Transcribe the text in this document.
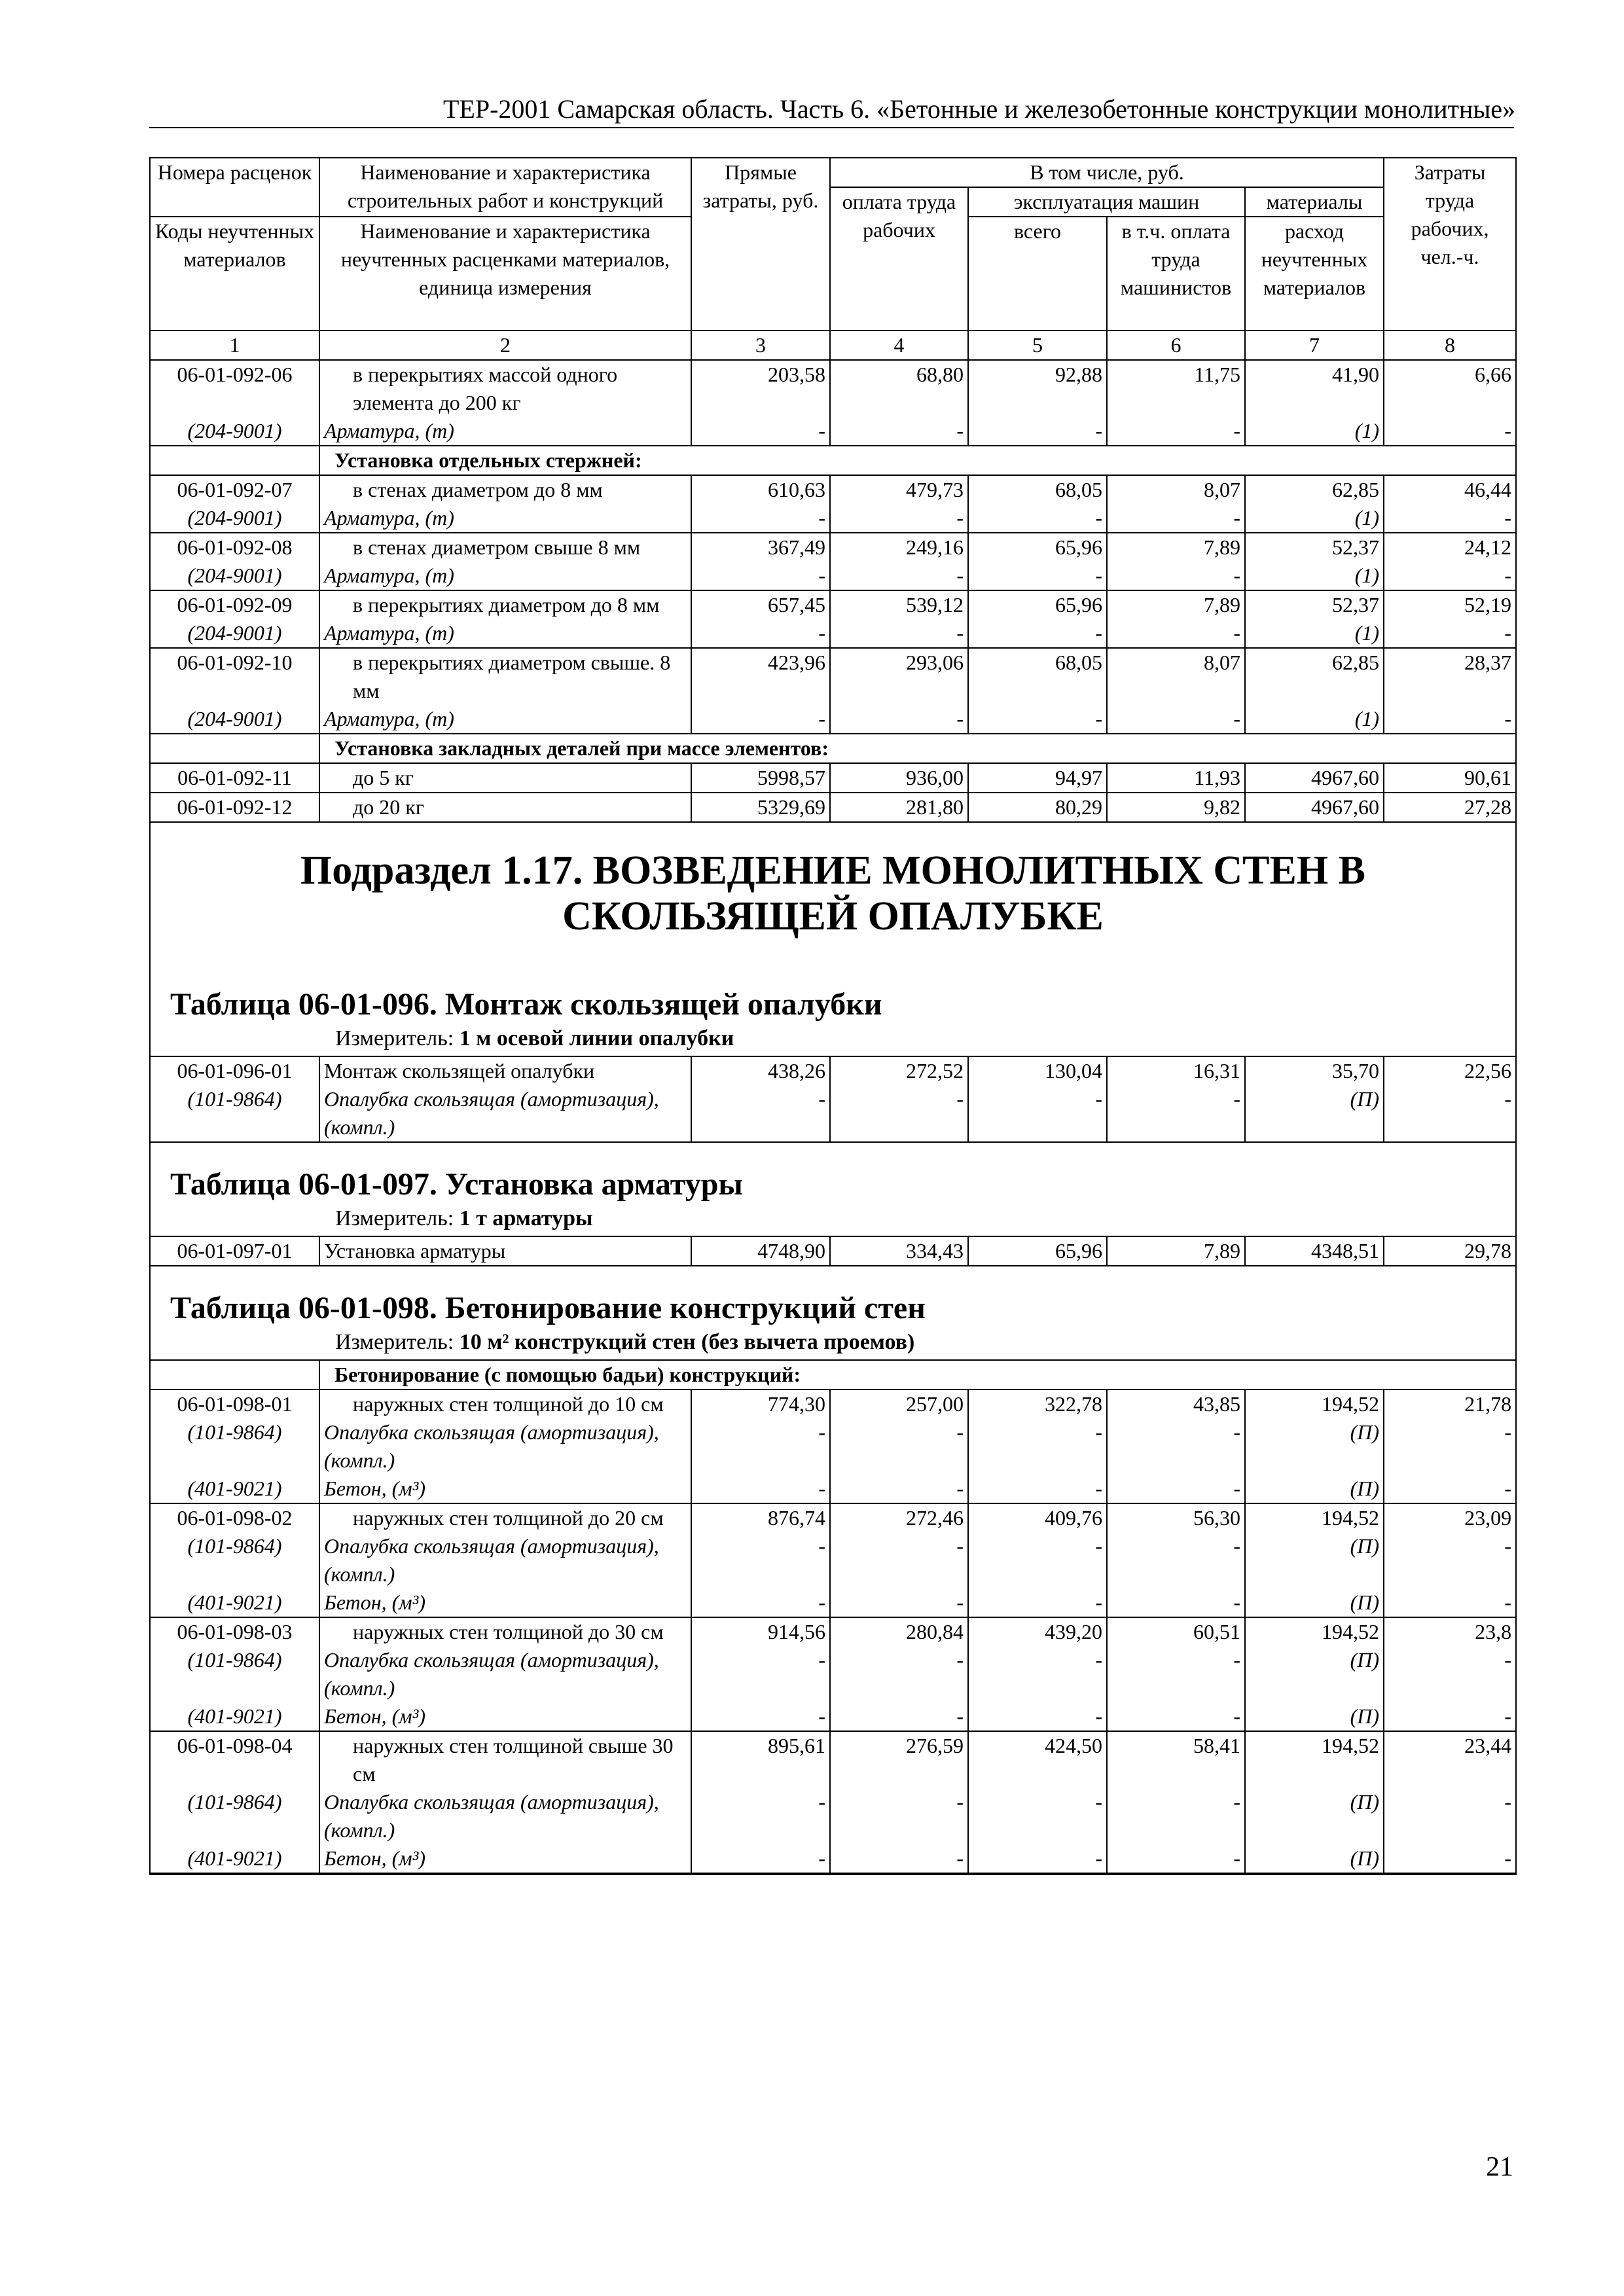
ТЕР-2001 Самарская область. Часть 6. «Бетонные и железобетонные конструкции монолитные»
Номера расценок	Наименование и характеристика строительных работ и конструкций	Прямые затраты, руб.	В том числе, руб.				Затраты труда рабочих, чел.-ч.
			оплата труда рабочих	эксплуатация машин		материалы	
Коды неучтенных материалов	Наименование и характеристика неучтенных расценками материалов, единица измерения			всего	в т.ч. оплата труда машинистов	расход неучтенных материалов	

1	2	3	4	5	6	7	8
06-01-092-06	в перекрытиях массой одного элемента до 200 кг	203,58	68,80	92,88	11,75	41,90	6,66
(204-9001)	Арматура, (т)	-	-	-	-	(1)	-
	Установка отдельных стержней:						
06-01-092-07	в стенах диаметром до 8 мм	610,63	479,73	68,05	8,07	62,85	46,44
(204-9001)	Арматура, (т)	-	-	-	-	(1)	-
06-01-092-08	в стенах диаметром свыше 8 мм	367,49	249,16	65,96	7,89	52,37	24,12
(204-9001)	Арматура, (т)	-	-	-	-	(1)	-
06-01-092-09	в перекрытиях диаметром до 8 мм	657,45	539,12	65,96	7,89	52,37	52,19
(204-9001)	Арматура, (т)	-	-	-	-	(1)	-
06-01-092-10	в перекрытиях диаметром свыше. 8 мм	423,96	293,06	68,05	8,07	62,85	28,37
(204-9001)	Арматура, (т)	-	-	-	-	(1)	-
	Установка закладных деталей при массе элементов:						
06-01-092-11	до 5 кг	5998,57	936,00	94,97	11,93	4967,60	90,61
06-01-092-12	до 20 кг	5329,69	281,80	80,29	9,82	4967,60	27,28
Подраздел 1.17. ВОЗВЕДЕНИЕ МОНОЛИТНЫХ СТЕН В СКОЛЬЗЯЩЕЙ ОПАЛУБКЕ
Таблица 06-01-096. Монтаж скользящей опалубки
Измеритель: 1 м осевой линии опалубки
06-01-096-01	Монтаж скользящей опалубки	438,26	272,52	130,04	16,31	35,70	22,56
(101-9864)	Опалубка скользящая (амортизация), (компл.)	-	-	-	-	(П)	-
Таблица 06-01-097. Установка арматуры
Измеритель: 1 т арматуры
06-01-097-01	Установка арматуры	4748,90	334,43	65,96	7,89	4348,51	29,78
Таблица 06-01-098. Бетонирование конструкций стен
Измеритель: 10 м² конструкций стен (без вычета проемов)
	Бетонирование (с помощью бадьи) конструкций:						
06-01-098-01	наружных стен толщиной до 10 см	774,30	257,00	322,78	43,85	194,52	21,78
(101-9864)	Опалубка скользящая (амортизация), (компл.)	-	-	-	-	(П)	-
(401-9021)	Бетон, (м³)	-	-	-	-	(П)	-
06-01-098-02	наружных стен толщиной до 20 см	876,74	272,46	409,76	56,30	194,52	23,09
(101-9864)	Опалубка скользящая (амортизация), (компл.)	-	-	-	-	(П)	-
(401-9021)	Бетон, (м³)	-	-	-	-	(П)	-
06-01-098-03	наружных стен толщиной до 30 см	914,56	280,84	439,20	60,51	194,52	23,8
(101-9864)	Опалубка скользящая (амортизация), (компл.)	-	-	-	-	(П)	-
(401-9021)	Бетон, (м³)	-	-	-	-	(П)	-
06-01-098-04	наружных стен толщиной свыше 30 см	895,61	276,59	424,50	58,41	194,52	23,44
(101-9864)	Опалубка скользящая (амортизация), (компл.)	-	-	-	-	(П)	-
(401-9021)	Бетон, (м³)	-	-	-	-	(П)	-
21
